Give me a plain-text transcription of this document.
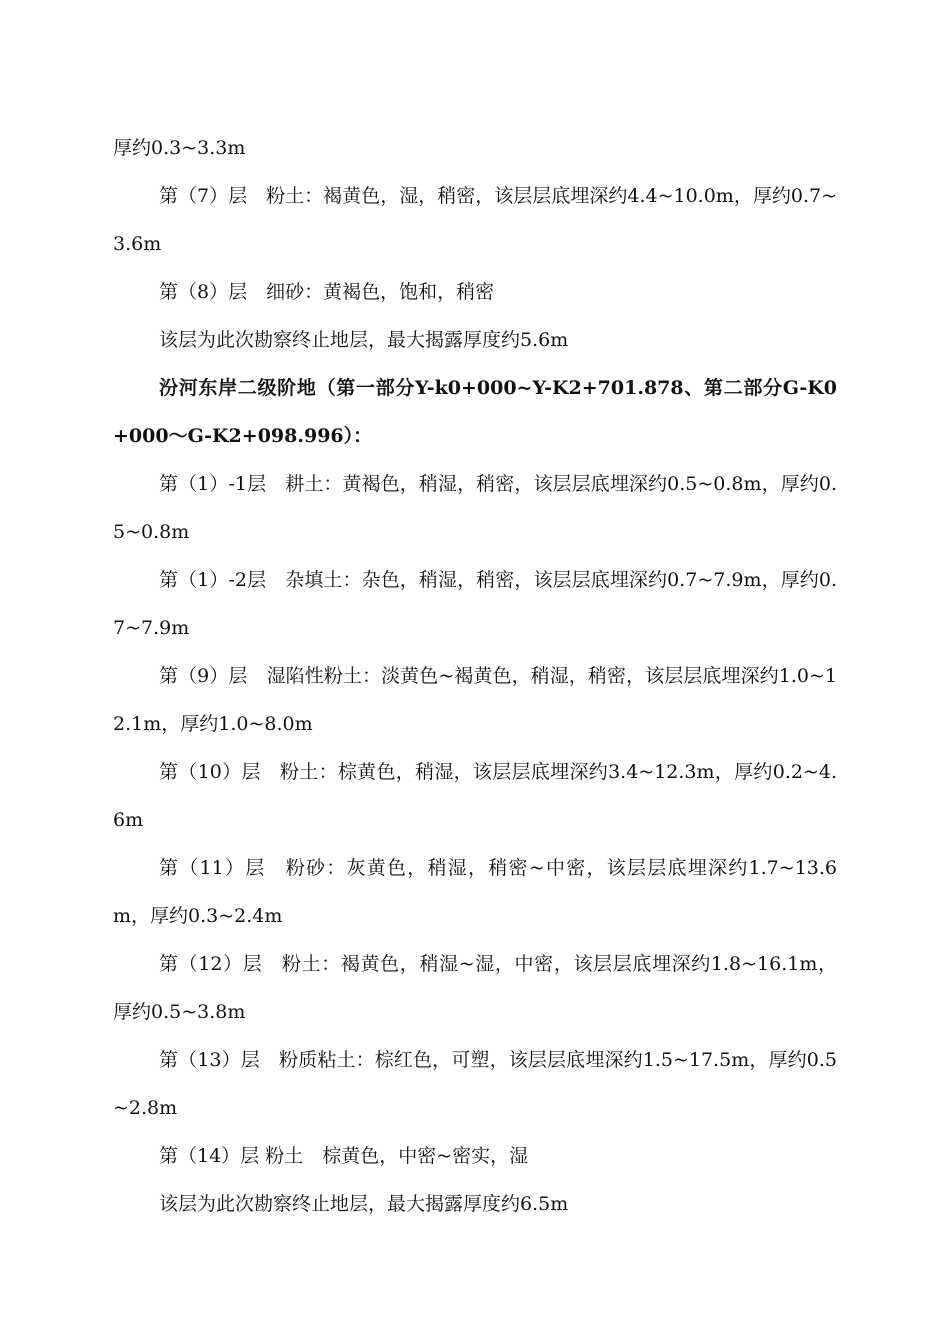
厚约0.3~3.3m

第（7）层　粉土：褐黄色，湿，稍密，该层层底埋深约4.4~10.0m，厚约0.7~3.6m

第（8）层　细砂：黄褐色，饱和，稍密

该层为此次勘察终止地层，最大揭露厚度约5.6m

汾河东岸二级阶地（第一部分Y-k0+000~Y-K2+701.878、第二部分G-K0+000～G-K2+098.996）：

第（1）-1层　耕土：黄褐色，稍湿，稍密，该层层底埋深约0.5~0.8m，厚约0.5~0.8m

第（1）-2层　杂填土：杂色，稍湿，稍密，该层层底埋深约0.7~7.9m，厚约0.7~7.9m

第（9）层　湿陷性粉土：淡黄色~褐黄色，稍湿，稍密，该层层底埋深约1.0~12.1m，厚约1.0~8.0m

第（10）层　粉土：棕黄色，稍湿，该层层底埋深约3.4~12.3m，厚约0.2~4.6m

第（11）层　粉砂：灰黄色，稍湿，稍密~中密，该层层底埋深约1.7~13.6m，厚约0.3~2.4m

第（12）层　粉土：褐黄色，稍湿~湿，中密，该层层底埋深约1.8~16.1m，厚约0.5~3.8m

第（13）层　粉质粘土：棕红色，可塑，该层层底埋深约1.5~17.5m，厚约0.5~2.8m

第（14）层 粉土　棕黄色，中密~密实，湿

该层为此次勘察终止地层，最大揭露厚度约6.5m
